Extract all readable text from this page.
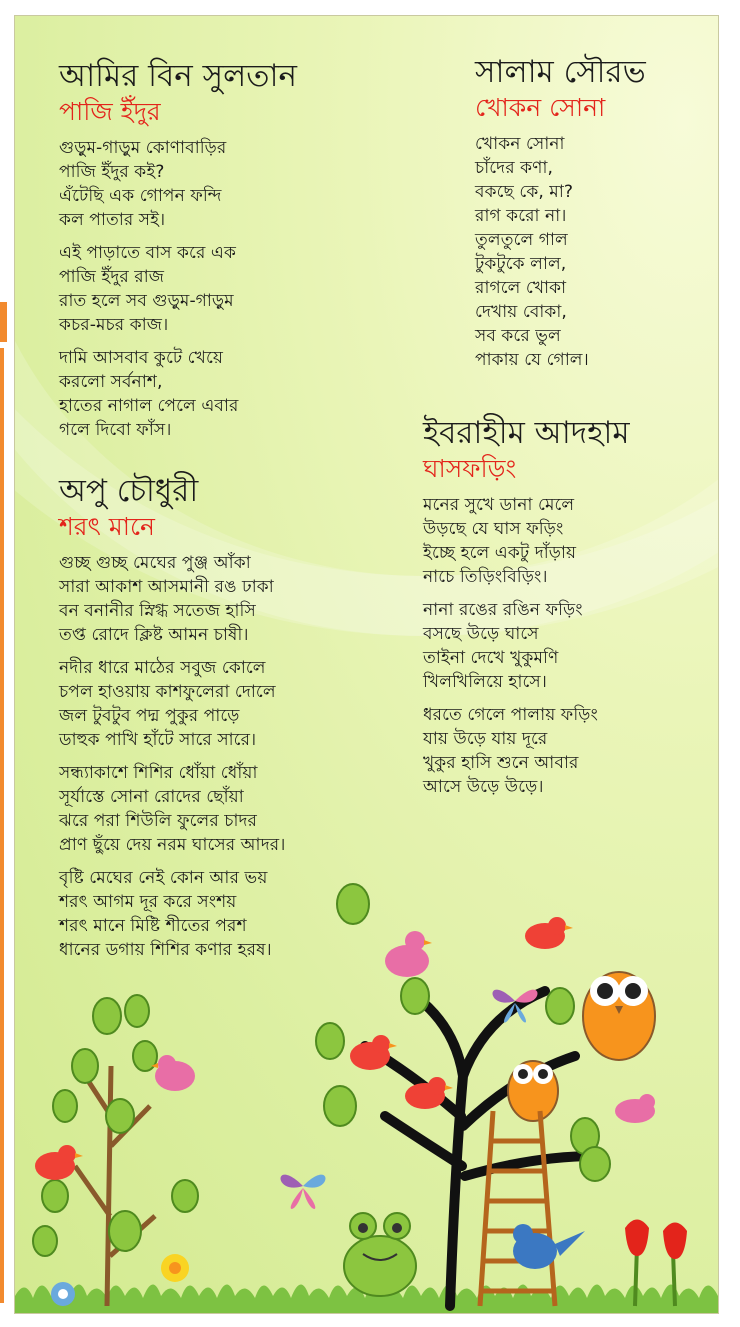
আমির বিন সুলতান
পাজি ইঁদুর
গুড়ুম-গাড়ুম কোণাবাড়ির
পাজি ইঁদুর কই?
এঁটেছি এক গোপন ফন্দি
কল পাতার সই।
এই পাড়াতে বাস করে এক
পাজি ইঁদুর রাজ
রাত হলে সব গুড়ুম-গাড়ুম
কচর-মচর কাজ।
দামি আসবাব কুটে খেয়ে
করলো সর্বনাশ,
হাতের নাগাল পেলে এবার
গলে দিবো ফাঁস।
অপু চৌধুরী
শরৎ মানে
গুচ্ছ গুচ্ছ মেঘের পুঞ্জ আঁকা
সারা আকাশ আসমানী রঙ ঢাকা
বন বনানীর স্নিগ্ধ সতেজ হাসি
তপ্ত রোদে ক্লিষ্ট আমন চাষী।
নদীর ধারে মাঠের সবুজ কোলে
চপল হাওয়ায় কাশফুলেরা দোলে
জল টুবটুব পদ্ম পুকুর পাড়ে
ডাহুক পাখি হাঁটে সারে সারে।
সন্ধ্যাকাশে শিশির ধোঁয়া ধোঁয়া
সূর্যাস্তে সোনা রোদের ছোঁয়া
ঝরে পরা শিউলি ফুলের চাদর
প্রাণ ছুঁয়ে দেয় নরম ঘাসের আদর।
বৃষ্টি মেঘের নেই কোন আর ভয়
শরৎ আগম দূর করে সংশয়
শরৎ মানে মিষ্টি শীতের পরশ
ধানের ডগায় শিশির কণার হরষ।
সালাম সৌরভ
খোকন সোনা
খোকন সোনা
চাঁদের কণা,
বকছে কে, মা?
রাগ করো না।
তুলতুলে গাল
টুকটুকে লাল,
রাগলে খোকা
দেখায় বোকা,
সব করে ভুল
পাকায় যে গোল।
ইবরাহীম আদহাম
ঘাসফড়িং
মনের সুখে ডানা মেলে
উড়ছে যে ঘাস ফড়িং
ইচ্ছে হলে একটু দাঁড়ায়
নাচে তিড়িংবিড়িং।
নানা রঙের রঙিন ফড়িং
বসছে উড়ে ঘাসে
তাইনা দেখে খুকুমণি
খিলখিলিয়ে হাসে।
ধরতে গেলে পালায় ফড়িং
যায় উড়ে যায় দূরে
খুকুর হাসি শুনে আবার
আসে উড়ে উড়ে।
